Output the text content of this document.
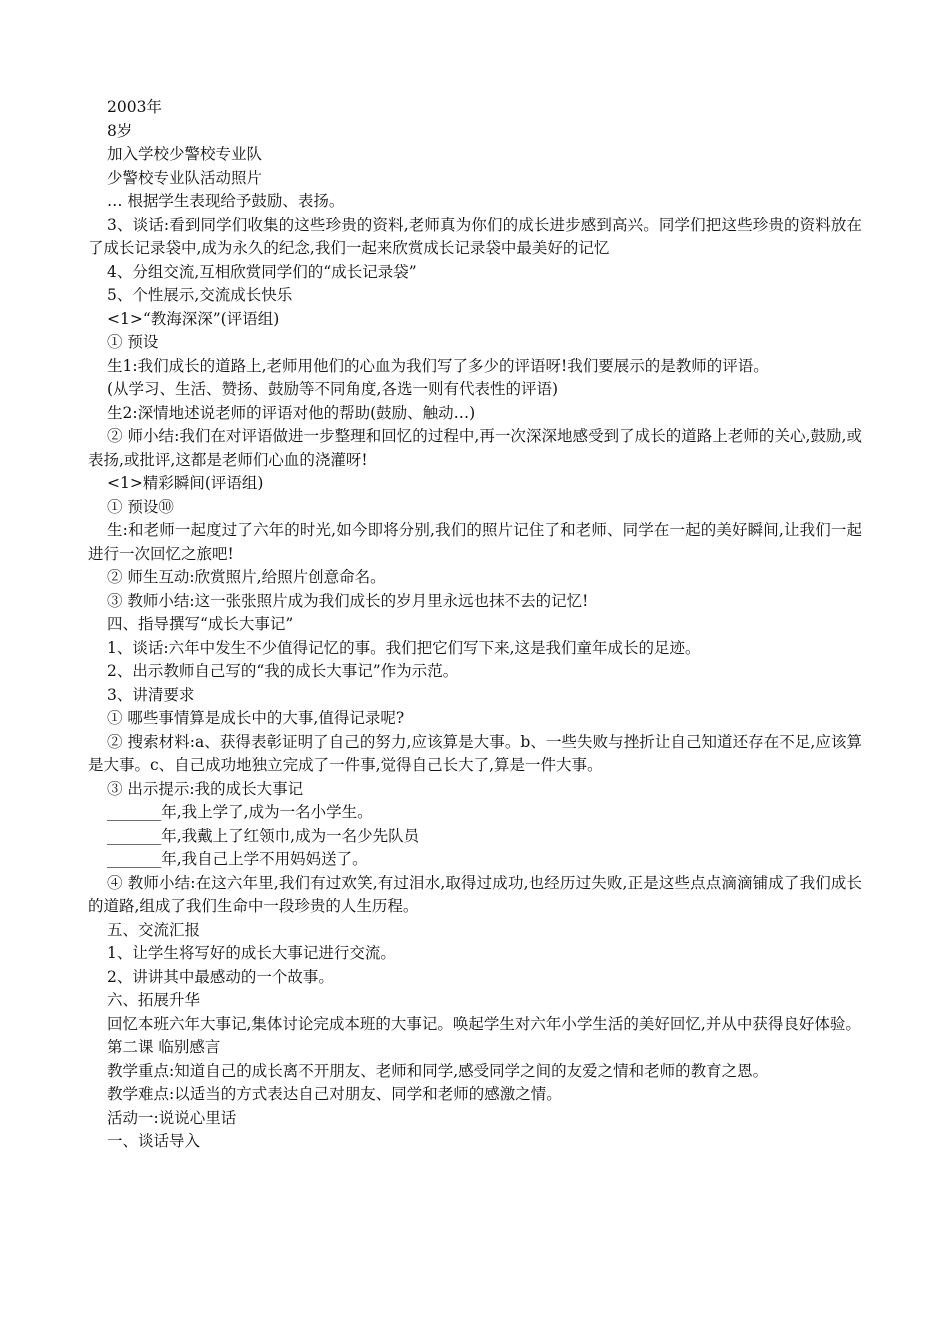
2003年

8岁

加入学校少警校专业队

少警校专业队活动照片

… 根据学生表现给予鼓励、表扬。

3、谈话:看到同学们收集的这些珍贵的资料,老师真为你们的成长进步感到高兴。同学们把这些珍贵的资料放在了成长记录袋中,成为永久的纪念,我们一起来欣赏成长记录袋中最美好的记忆

4、分组交流,互相欣赏同学们的“成长记录袋”

5、个性展示,交流成长快乐

<1>“教海深深”(评语组)

① 预设

生1:我们成长的道路上,老师用他们的心血为我们写了多少的评语呀!我们要展示的是教师的评语。

(从学习、生活、赞扬、鼓励等不同角度,各选一则有代表性的评语)

生2:深情地述说老师的评语对他的帮助(鼓励、触动…)

② 师小结:我们在对评语做进一步整理和回忆的过程中,再一次深深地感受到了成长的道路上老师的关心,鼓励,或表扬,或批评,这都是老师们心血的浇灌呀!

<1>精彩瞬间(评语组)

① 预设⑩

生:和老师一起度过了六年的时光,如今即将分别,我们的照片记住了和老师、同学在一起的美好瞬间,让我们一起进行一次回忆之旅吧!

② 师生互动:欣赏照片,给照片创意命名。

③ 教师小结:这一张张照片成为我们成长的岁月里永远也抹不去的记忆!

四、指导撰写“成长大事记”

1、谈话:六年中发生不少值得记忆的事。我们把它们写下来,这是我们童年成长的足迹。

2、出示教师自己写的“我的成长大事记”作为示范。

3、讲清要求

① 哪些事情算是成长中的大事,值得记录呢?

② 搜索材料:a、获得表彰证明了自己的努力,应该算是大事。b、一些失败与挫折让自己知道还存在不足,应该算是大事。c、自己成功地独立完成了一件事,觉得自己长大了,算是一件大事。

③ 出示提示:我的成长大事记

_______年,我上学了,成为一名小学生。

_______年,我戴上了红领巾,成为一名少先队员

_______年,我自己上学不用妈妈送了。

④ 教师小结:在这六年里,我们有过欢笑,有过泪水,取得过成功,也经历过失败,正是这些点点滴滴铺成了我们成长的道路,组成了我们生命中一段珍贵的人生历程。

五、交流汇报

1、让学生将写好的成长大事记进行交流。

2、讲讲其中最感动的一个故事。

六、拓展升华

回忆本班六年大事记,集体讨论完成本班的大事记。唤起学生对六年小学生活的美好回忆,并从中获得良好体验。

第二课 临别感言

教学重点:知道自己的成长离不开朋友、老师和同学,感受同学之间的友爱之情和老师的教育之恩。

教学难点:以适当的方式表达自己对朋友、同学和老师的感激之情。

活动一:说说心里话

一、谈话导入
